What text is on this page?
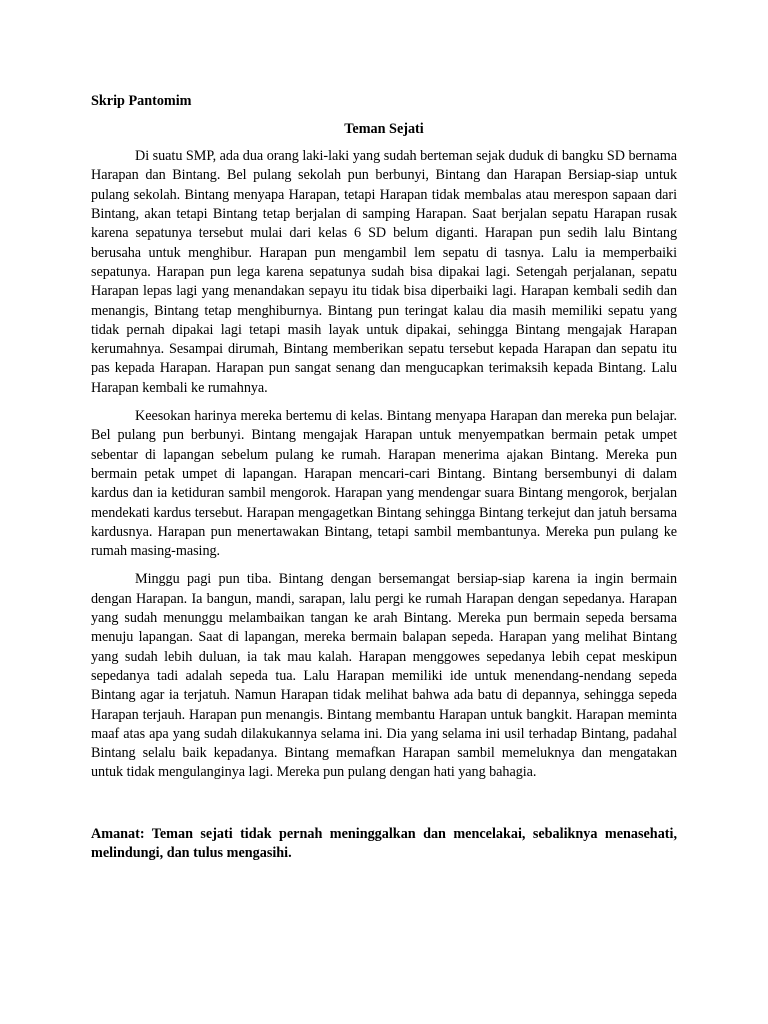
Skrip Pantomim

Teman Sejati

Di suatu SMP, ada dua orang laki-laki yang sudah berteman sejak duduk di bangku SD bernama Harapan dan Bintang. Bel pulang sekolah pun berbunyi, Bintang dan Harapan Bersiap-siap untuk pulang sekolah. Bintang menyapa Harapan, tetapi Harapan tidak membalas atau merespon sapaan dari Bintang, akan tetapi Bintang tetap berjalan di samping Harapan. Saat berjalan sepatu Harapan rusak karena sepatunya tersebut mulai dari kelas 6 SD belum diganti. Harapan pun sedih lalu Bintang berusaha untuk menghibur. Harapan pun mengambil lem sepatu di tasnya. Lalu ia memperbaiki sepatunya. Harapan pun lega karena sepatunya sudah bisa dipakai lagi. Setengah perjalanan, sepatu Harapan lepas lagi yang menandakan sepayu itu tidak bisa diperbaiki lagi. Harapan kembali sedih dan menangis, Bintang tetap menghiburnya. Bintang pun teringat kalau dia masih memiliki sepatu yang tidak pernah dipakai lagi tetapi masih layak untuk dipakai, sehingga Bintang mengajak Harapan kerumahnya. Sesampai dirumah, Bintang memberikan sepatu tersebut kepada Harapan dan sepatu itu pas kepada Harapan. Harapan pun sangat senang dan mengucapkan terimaksih kepada Bintang. Lalu Harapan kembali ke rumahnya.

Keesokan harinya mereka bertemu di kelas. Bintang menyapa Harapan dan mereka pun belajar. Bel pulang pun berbunyi. Bintang mengajak Harapan untuk menyempatkan bermain petak umpet sebentar di lapangan sebelum pulang ke rumah. Harapan menerima ajakan Bintang. Mereka pun bermain petak umpet di lapangan. Harapan mencari-cari Bintang. Bintang bersembunyi di dalam kardus dan ia ketiduran sambil mengorok. Harapan yang mendengar suara Bintang mengorok, berjalan mendekati kardus tersebut. Harapan mengagetkan Bintang sehingga Bintang terkejut dan jatuh bersama kardusnya. Harapan pun menertawakan Bintang, tetapi sambil membantunya. Mereka pun pulang ke rumah masing-masing.

Minggu pagi pun tiba. Bintang dengan bersemangat bersiap-siap karena ia ingin bermain dengan Harapan. Ia bangun, mandi, sarapan, lalu pergi ke rumah Harapan dengan sepedanya. Harapan yang sudah menunggu melambaikan tangan ke arah Bintang. Mereka pun bermain sepeda bersama menuju lapangan. Saat di lapangan, mereka bermain balapan sepeda. Harapan yang melihat Bintang yang sudah lebih duluan, ia tak mau kalah. Harapan menggowes sepedanya lebih cepat meskipun sepedanya tadi adalah sepeda tua. Lalu Harapan memiliki ide untuk menendang-nendang sepeda Bintang agar ia terjatuh. Namun Harapan tidak melihat bahwa ada batu di depannya, sehingga sepeda Harapan terjauh. Harapan pun menangis. Bintang membantu Harapan untuk bangkit. Harapan meminta maaf atas apa yang sudah dilakukannya selama ini. Dia yang selama ini usil terhadap Bintang, padahal Bintang selalu baik kepadanya. Bintang memafkan Harapan sambil memeluknya dan mengatakan untuk tidak mengulanginya lagi. Mereka pun pulang dengan hati yang bahagia.

Amanat: Teman sejati tidak pernah meninggalkan dan mencelakai, sebaliknya menasehati, melindungi, dan tulus mengasihi.
